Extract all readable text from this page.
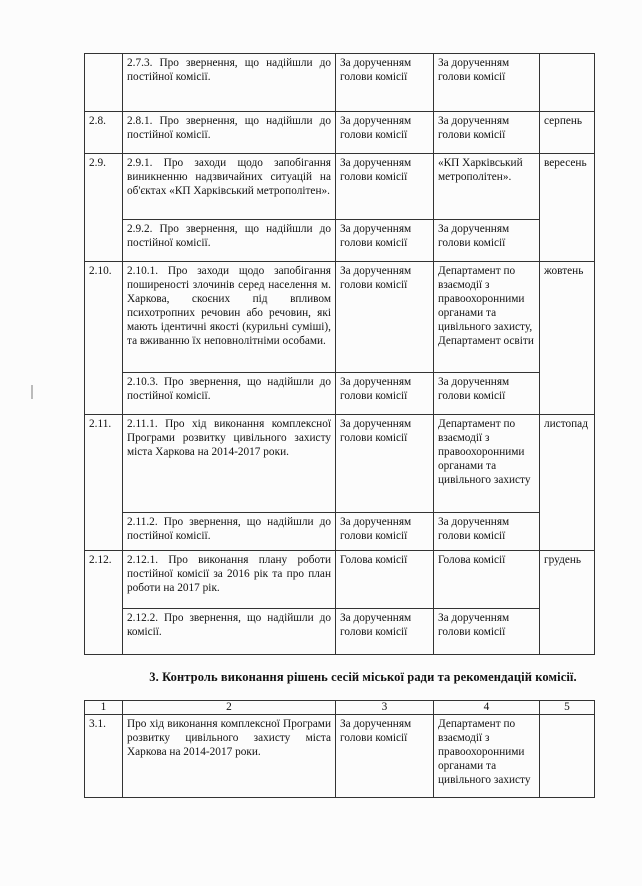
	2.7.3. Про звернення, що надійшли до постійної комісії.	За дорученням голови комісії	За дорученням голови комісії	
2.8.	2.8.1. Про звернення, що надійшли до постійної комісії.	За дорученням голови комісії	За дорученням голови комісії	серпень
2.9.	2.9.1. Про заходи щодо запобігання виникненню надзвичайних ситуацій на об'єктах «КП Харківський метрополітен».	За дорученням голови комісії	«КП Харківський метрополітен».	вересень
	2.9.2. Про звернення, що надійшли до постійної комісії.	За дорученням голови комісії	За дорученням голови комісії	
2.10.	2.10.1. Про заходи щодо запобігання поширеності злочинів серед населення м. Харкова, скоєних під впливом психотропних речовин або речовин, які мають ідентичні якості (курильні суміші), та вживанню їх неповнолітніми особами.	За дорученням голови комісії	Департамент по взаємодії з правоохоронними органами та цивільного захисту, Департамент освіти	жовтень
	2.10.3. Про звернення, що надійшли до постійної комісії.	За дорученням голови комісії	За дорученням голови комісії	
2.11.	2.11.1. Про хід виконання комплексної Програми розвитку цивільного захисту міста Харкова на 2014-2017 роки.	За дорученням голови комісії	Департамент по взаємодії з правоохоронними органами та цивільного захисту	листопад
	2.11.2. Про звернення, що надійшли до постійної комісії.	За дорученням голови комісії	За дорученням голови комісії	
2.12.	2.12.1. Про виконання плану роботи постійної комісії за 2016 рік та про план роботи на 2017 рік.	Голова комісії	Голова комісії	грудень
	2.12.2. Про звернення, що надійшли до комісії.	За дорученням голови комісії	За дорученням голови комісії	
3. Контроль виконання рішень сесій міської ради та рекомендацій комісії.
1	2	3	4	5
3.1.	Про хід виконання комплексної Програми розвитку цивільного захисту міста Харкова на 2014-2017 роки.	За дорученням голови комісії	Департамент по взаємодії з правоохоронними органами та цивільного захисту	
